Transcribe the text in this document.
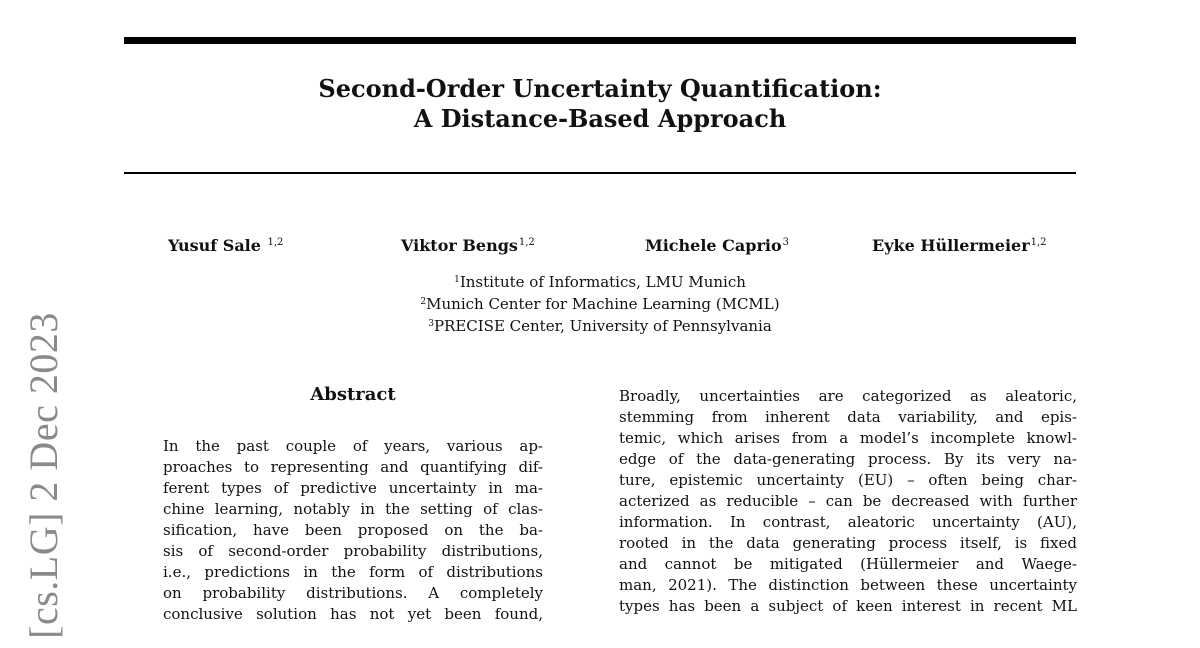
Second-Order Uncertainty Quantification:
A Distance-Based Approach
Yusuf Sale $^{1,2}$	Viktor Bengs$^{1,2}$	Michele Caprio$^3$	Eyke Hüllermeier$^{1,2}$
$^1$Institute of Informatics, LMU Munich
$^2$Munich Center for Machine Learning (MCML)
$^3$PRECISE Center, University of Pennsylvania
[cs.LG] 2 Dec 2023	Abstract
In the past couple of years, various ap-
proaches to representing and quantifying dif-
ferent types of predictive uncertainty in ma-
chine learning, notably in the setting of clas-
sification, have been proposed on the ba-
sis of second-order probability distributions,
i.e., predictions in the form of distributions
on probability distributions. A completely
conclusive solution has not yet been found,
Broadly, uncertainties are categorized as aleatoric,
stemming from inherent data variability, and epis-
temic, which arises from a model’s incomplete knowl-
edge of the data-generating process. By its very na-
ture, epistemic uncertainty (EU) – often being char-
acterized as reducible – can be decreased with further
information. In contrast, aleatoric uncertainty (AU),
rooted in the data generating process itself, is fixed
and cannot be mitigated (Hüllermeier and Waege-
man, 2021). The distinction between these uncertainty
types has been a subject of keen interest in recent ML
